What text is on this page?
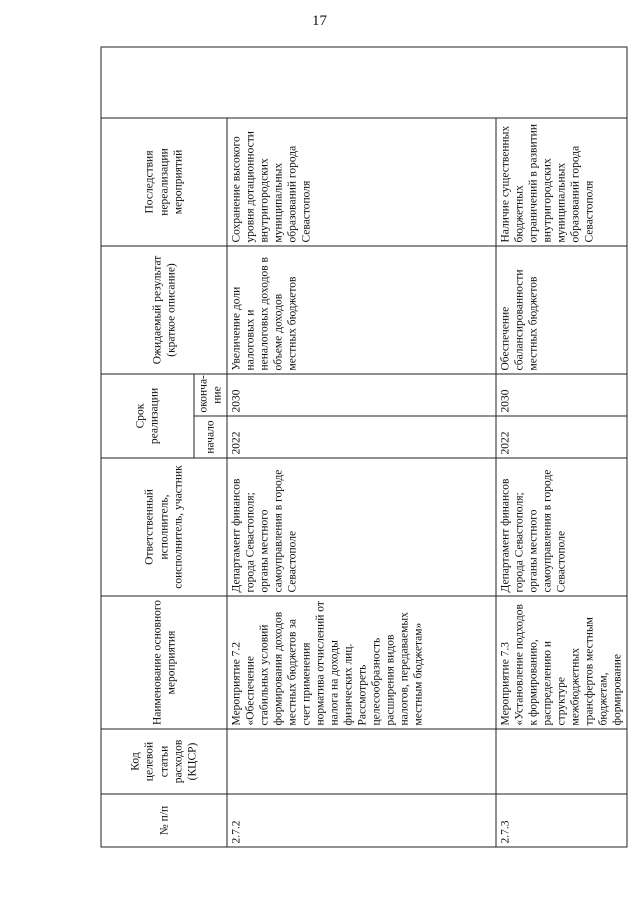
17
№ п/п	Код целевой статьи расходов (КЦСР)	Наименование основного мероприятия	Ответственный исполнитель, соисполнитель, участник	Срок реализации		Ожидаемый результат (краткое описание)	Последствия нереализации мероприятий	
				начало	оконча-ние			
2.7.2		Мероприятие 7.2 «Обеспечение стабильных условий формирования доходов местных бюджетов за счет применения норматива отчислений от налога на доходы физических лиц. Рассмотреть целесообразность расширения видов налогов, передаваемых местным бюджетам»	Департамент финансов города Севастополя; органы местного самоуправления в городе Севастополе	2022	2030	Увеличение доли налоговых и неналоговых доходов в объеме доходов местных бюджетов	Сохранение высокого уровня дотационности внутригородских муниципальных образований города Севастополя	
2.7.3		Мероприятие 7.3 «Установление подходов к формированию, распределению и структуре межбюджетных трансфертов местным бюджетам, формирование	Департамент финансов города Севастополя; органы местного самоуправления в городе Севастополе	2022	2030	Обеспечение сбалансированности местных бюджетов	Наличие существенных бюджетных ограничений в развитии внутригородских муниципальных образований города Севастополя	
